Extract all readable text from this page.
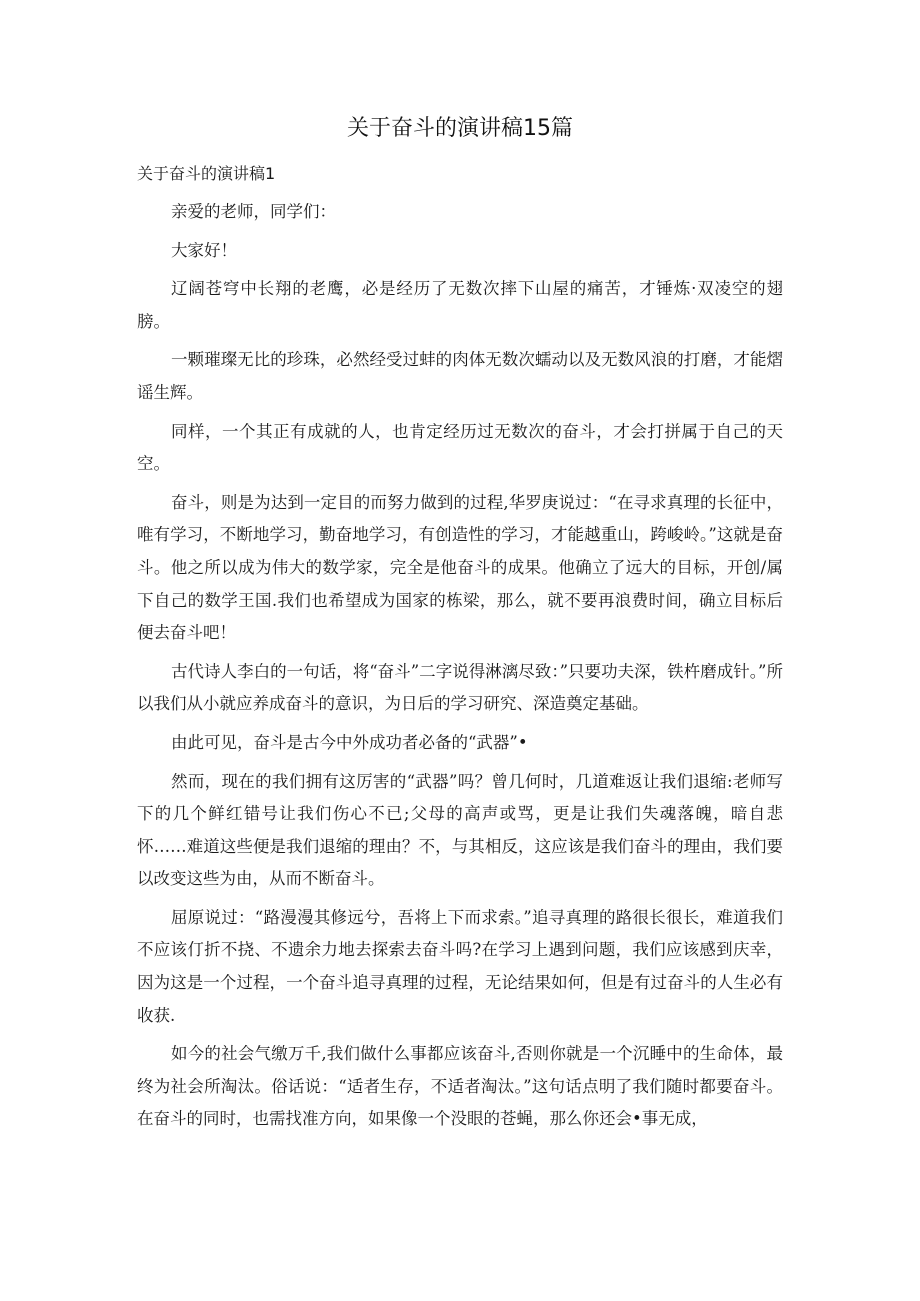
关于奋斗的演讲稿15篇
关于奋斗的演讲稿1

亲爱的老师，同学们：

大家好！

辽阔苍穹中长翔的老鹰，必是经历了无数次摔下山屋的痛苦，才锤炼·双凌空的翅膀。

一颗璀璨无比的珍珠，必然经受过蚌的肉体无数次蠕动以及无数风浪的打磨，才能熠谣生辉。

同样，一个其正有成就的人，也肯定经历过无数次的奋斗，才会打拼属于自己的天空。

奋斗，则是为达到一定目的而努力做到的过程,华罗庚说过：“在寻求真理的长征中，唯有学习，不断地学习，勤奋地学习，有创造性的学习，才能越重山，跨峻岭。”这就是奋斗。他之所以成为伟大的数学家，完全是他奋斗的成果。他确立了远大的目标，开创/属下自己的数学王国.我们也希望成为国家的栋梁，那么，就不要再浪费时间，确立目标后便去奋斗吧！

古代诗人李白的一句话，将“奋斗”二字说得淋漓尽致：”只要功夫深，铁杵磨成针。”所以我们从小就应养成奋斗的意识，为日后的学习研究、深造奠定基础。

由此可见，奋斗是古今中外成功者必备的“武器”•

然而，现在的我们拥有这厉害的“武器”吗？曾几何时，几道难返让我们退缩:老师写下的几个鲜红错号让我们伤心不已;父母的高声或骂，更是让我们失魂落魄，暗自悲怀……难道这些便是我们退缩的理由？不，与其相反，这应该是我们奋斗的理由，我们要以改变这些为由，从而不断奋斗。

屈原说过：“路漫漫其修远兮，吾将上下而求索。”追寻真理的路很长很长，难道我们不应该仃折不挠、不遗余力地去探索去奋斗吗?在学习上遇到问题，我们应该感到庆幸，因为这是一个过程，一个奋斗追寻真理的过程，无论结果如何，但是有过奋斗的人生必有收获.

如今的社会气缴万千,我们做什么事都应该奋斗,否则你就是一个沉睡中的生命体，最终为社会所淘汰。俗话说：“适者生存，不适者淘汰。”这句话点明了我们随时都要奋斗。在奋斗的同时，也需找准方向，如果像一个没眼的苍蝇，那么你还会•事无成，
